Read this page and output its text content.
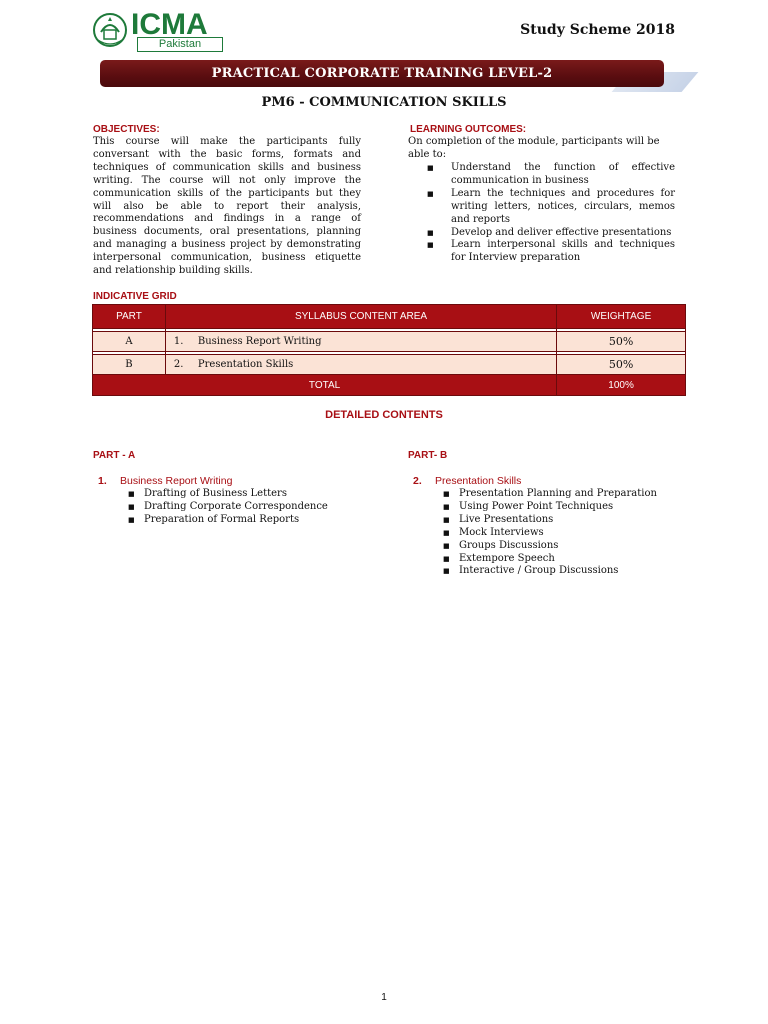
ICMA
Pakistan
Study Scheme 2018
PRACTICAL CORPORATE TRAINING LEVEL-2
PM6 - COMMUNICATION SKILLS
OBJECTIVES:
This course will make the participants fully conversant with the basic forms, formats and techniques of communication skills and business writing. The course will not only improve the communication skills of the participants but they will also be able to report their analysis, recommendations and findings in a range of business documents, oral presentations, planning and managing a business project by demonstrating interpersonal communication, business etiquette and relationship building skills.
LEARNING OUTCOMES:
On completion of the module, participants will be able to:
■ Understand the function of effective communication in business
■ Learn the techniques and procedures for writing letters, notices, circulars, memos and reports
■ Develop and deliver effective presentations
■ Learn interpersonal skills and techniques for Interview preparation
INDICATIVE GRID
PART	SYLLABUS CONTENT AREA	WEIGHTAGE

A	1. Business Report Writing	50%

B	2. Presentation Skills	50%
TOTAL		100%
DETAILED CONTENTS
PART - A
1. Business Report Writing
■ Drafting of Business Letters
■ Drafting Corporate Correspondence
■ Preparation of Formal Reports
PART- B
2. Presentation Skills
■ Presentation Planning and Preparation
■ Using Power Point Techniques
■ Live Presentations
■ Mock Interviews
■ Groups Discussions
■ Extempore Speech
■ Interactive / Group Discussions
1
